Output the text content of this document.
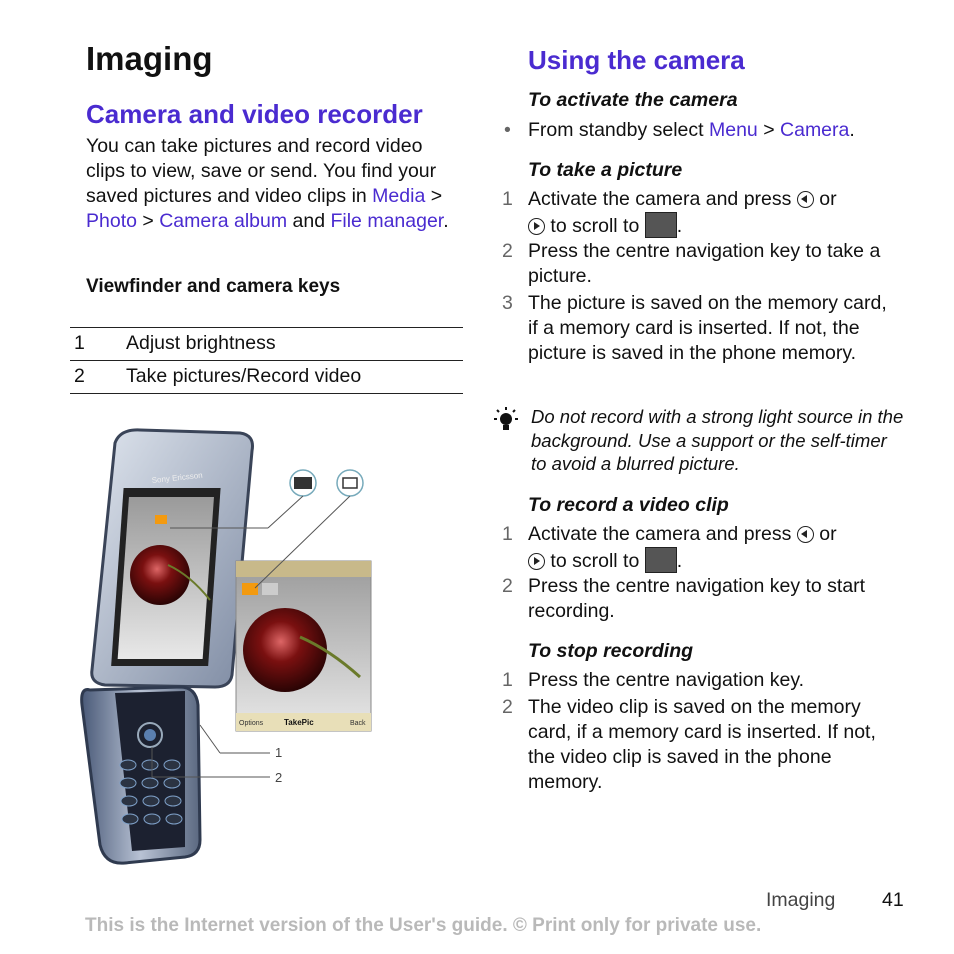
Imaging
Camera and video recorder
You can take pictures and record video clips to view, save or send. You find your saved pictures and video clips in Media > Photo > Camera album and File manager.
Viewfinder and camera keys
1	Adjust brightness
2	Take pictures/Record video
Sony Ericsson
Options	TakePic	Back
1
2
Using the camera
To activate the camera
• From standby select Menu > Camera.
To take a picture
1 Activate the camera and press or
to scroll to .
2 Press the centre navigation key to take a picture.
3 The picture is saved on the memory card, if a memory card is inserted. If not, the picture is saved in the phone memory.
Do not record with a strong light source in the background. Use a support or the self-timer to avoid a blurred picture.
To record a video clip
1 Activate the camera and press or
to scroll to .
2 Press the centre navigation key to start recording.
To stop recording
1 Press the centre navigation key.
2 The video clip is saved on the memory card, if a memory card is inserted. If not, the video clip is saved in the phone memory.
Imaging 41
This is the Internet version of the User's guide. © Print only for private use.
